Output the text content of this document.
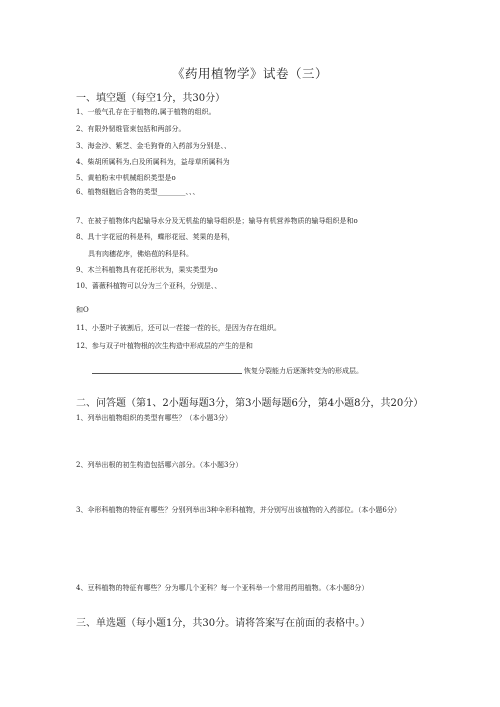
《药用植物学》试卷（三）
一、填空题（每空1分，共30分）
1、一般气孔存在于植物的,属于植物的组织。
2、有限外韧维管束包括和两部分。
3、海金沙、紫芝、金毛狗脊的入药部为分别是、、
4、柴胡所属科为,白及所属科为，益母草所属科为
5、黄柏粉末中机械组织类型是o
6、植物细胞后含物的类型________、、、
7、在被子植物体内起输导水分及无机盐的输导组织是；输导有机营养物质的输导组织是和o
8、具十字花冠的科是科，蝶形花冠、荚果的是科，
具有肉穗花序，佛焰苞的科是科。
9、木兰科植物具有花托形状为，果实类型为o
10、蔷薇科植物可以分为三个亚科，分别是、、
和O
11、小葱叶子被割后，还可以一茬接一茬的长，是因为存在组织。
12、参与双子叶植物根的次生构造中形成层的产生的是和
恢复分裂能力后逐渐转变为的形成层。
二、问答题（第1、2小题每题3分，第3小题每题6分，第4小题8分，共20分）
1、列举出植物组织的类型有哪些？（本小题3分）
2、列举出根的初生构造包括哪六部分。（本小题3分）
3、伞形科植物的特征有哪些？分别列举出3种伞形科植物，并分别写出该植物的入药部位。（本小题6分）
4、豆科植物的特征有哪些？分为哪几个亚科？每一个亚科举一个常用药用植物。（本小题8分）
三、单选题（每小题1分，共30分。请将答案写在前面的表格中。）
